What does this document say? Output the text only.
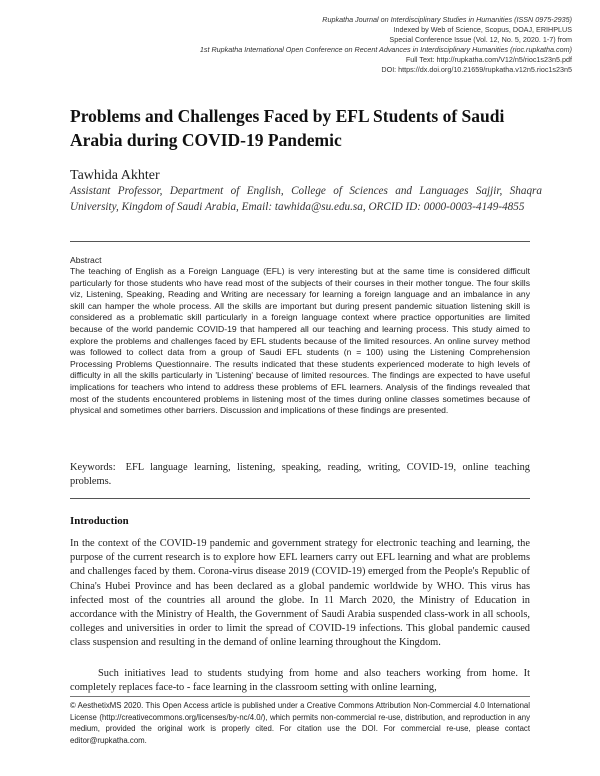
Rupkatha Journal on Interdisciplinary Studies in Humanities (ISSN 0975-2935)
Indexed by Web of Science, Scopus, DOAJ, ERIHPLUS
Special Conference Issue (Vol. 12, No. 5, 2020. 1-7) from
1st Rupkatha International Open Conference on Recent Advances in Interdisciplinary Humanities (rioc.rupkatha.com)
Full Text: http://rupkatha.com/V12/n5/rioc1s23n5.pdf
DOI: https://dx.doi.org/10.21659/rupkatha.v12n5.rioc1s23n5
Problems and Challenges Faced by EFL Students of Saudi Arabia during COVID-19 Pandemic
Tawhida Akhter
Assistant Professor, Department of English, College of Sciences and Languages Sajjir, Shaqra University, Kingdom of Saudi Arabia, Email: tawhida@su.edu.sa, ORCID ID: 0000-0003-4149-4855
Abstract
The teaching of English as a Foreign Language (EFL) is very interesting but at the same time is considered difficult particularly for those students who have read most of the subjects of their courses in their mother tongue. The four skills viz, Listening, Speaking, Reading and Writing are necessary for learning a foreign language and an imbalance in any skill can hamper the whole process. All the skills are important but during present pandemic situation listening skill is considered as a problematic skill particularly in a foreign language context where practice opportunities are limited because of the world pandemic COVID-19 that hampered all our teaching and learning process. This study aimed to explore the problems and challenges faced by EFL students because of the limited resources. An online survey method was followed to collect data from a group of Saudi EFL students (n = 100) using the Listening Comprehension Processing Problems Questionnaire. The results indicated that these students experienced moderate to high levels of difficulty in all the skills particularly in 'Listening' because of limited resources. The findings are expected to have useful implications for teachers who intend to address these problems of EFL learners. Analysis of the findings revealed that most of the students encountered problems in listening most of the times during online classes sometimes because of physical and sometimes other barriers. Discussion and implications of these findings are presented.
Keywords: EFL language learning, listening, speaking, reading, writing, COVID-19, online teaching problems.
Introduction
In the context of the COVID-19 pandemic and government strategy for electronic teaching and learning, the purpose of the current research is to explore how EFL learners carry out EFL learning and what are problems and challenges faced by them. Corona-virus disease 2019 (COVID-19) emerged from the People's Republic of China's Hubei Province and has been declared as a global pandemic worldwide by WHO. This virus has infected most of the countries all around the globe. In 11 March 2020, the Ministry of Education in accordance with the Ministry of Health, the Government of Saudi Arabia suspended class-work in all schools, colleges and universities in order to limit the spread of COVID-19 infections. This global pandemic caused class suspension and resulting in the demand of online learning throughout the Kingdom.
Such initiatives lead to students studying from home and also teachers working from home. It completely replaces face-to - face learning in the classroom setting with online learning,
© AesthetixMS 2020. This Open Access article is published under a Creative Commons Attribution Non-Commercial 4.0 International License (http://creativecommons.org/licenses/by-nc/4.0/), which permits non-commercial re-use, distribution, and reproduction in any medium, provided the original work is properly cited. For citation use the DOI. For commercial re-use, please contact editor@rupkatha.com.
